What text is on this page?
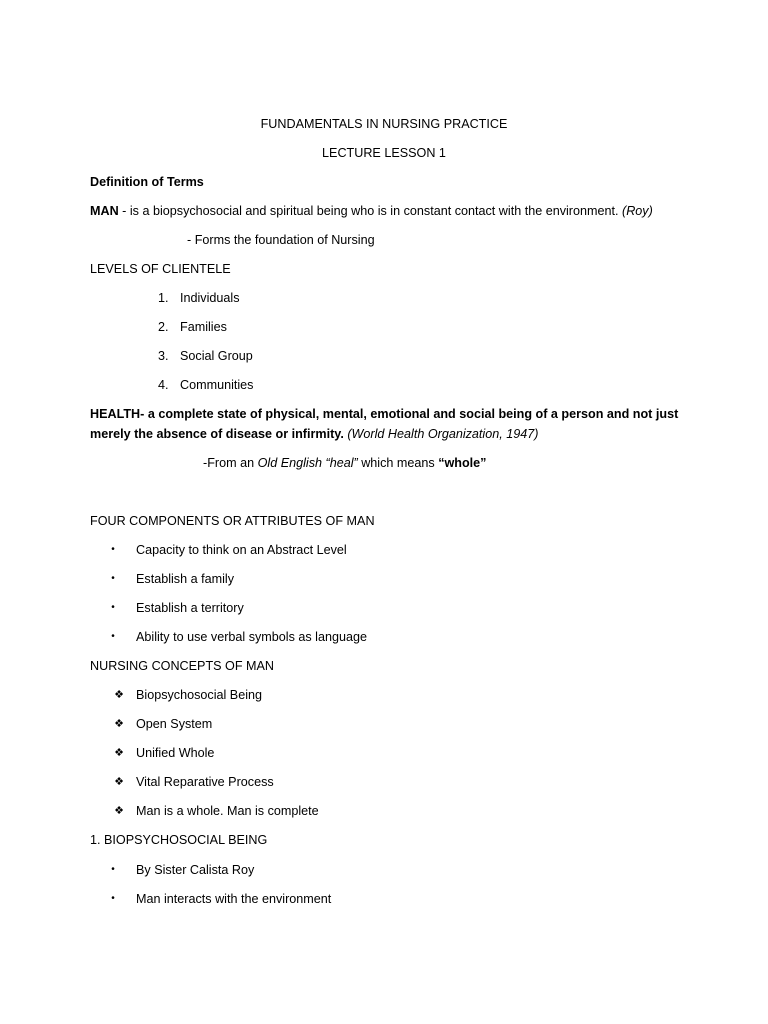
FUNDAMENTALS IN NURSING PRACTICE
LECTURE LESSON 1
Definition of Terms
MAN - is a biopsychosocial and spiritual being who is in constant contact with the environment. (Roy)
- Forms the foundation of Nursing
LEVELS OF CLIENTELE
1. Individuals
2. Families
3. Social Group
4. Communities
HEALTH- a complete state of physical, mental, emotional and social being of a person and not just
merely the absence of disease or infirmity. (World Health Organization, 1947)
-From an Old English “heal” which means “whole”
FOUR COMPONENTS OR ATTRIBUTES OF MAN
•	Capacity to think on an Abstract Level
•	Establish a family
•	Establish a territory
•	Ability to use verbal symbols as language
NURSING CONCEPTS OF MAN
❖ Biopsychosocial Being
❖ Open System
❖ Unified Whole
❖ Vital Reparative Process
❖ Man is a whole. Man is complete
1. BIOPSYCHOSOCIAL BEING
•	By Sister Calista Roy
•	Man interacts with the environment
